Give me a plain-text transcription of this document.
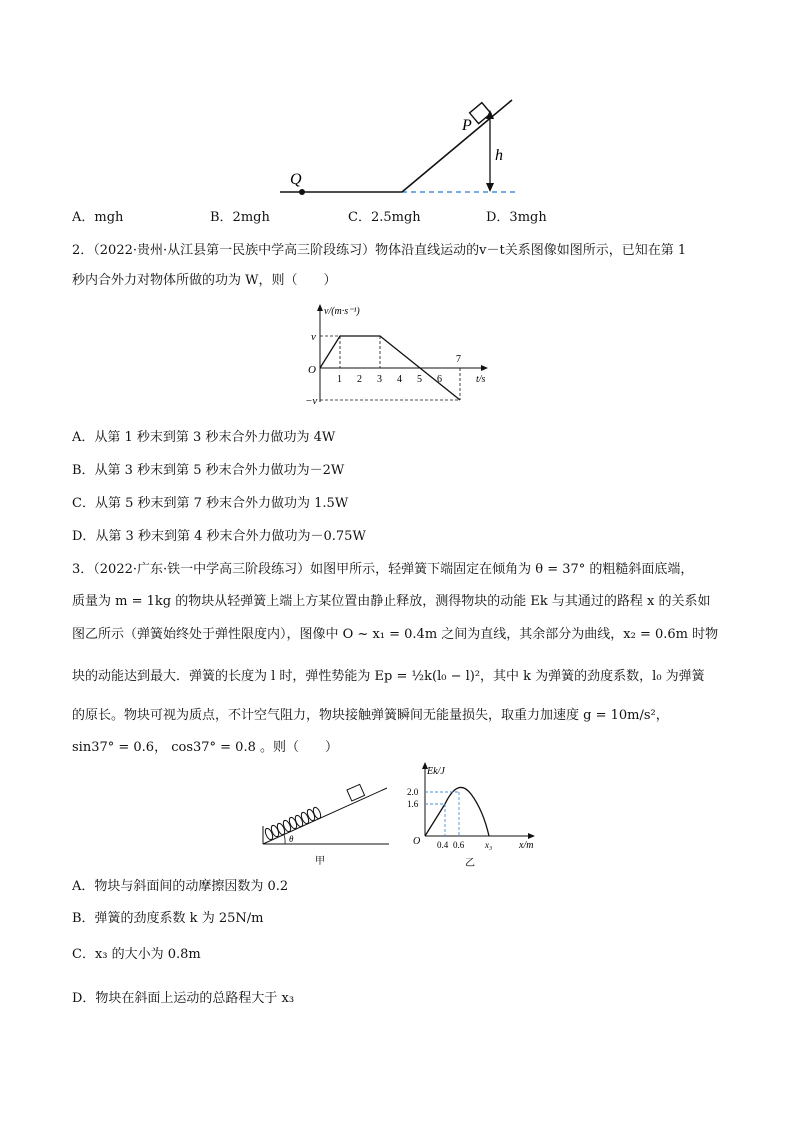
P
Q
h
A．mgh	B．2mgh	C．2.5mgh	D．3mgh
2．（2022·贵州·从江县第一民族中学高三阶段练习）物体沿直线运动的v－t关系图像如图所示，已知在第 1
秒内合外力对物体所做的功为 W，则（　　）
v/(m·s⁻¹)
t/s
O
v
−v
1 2 3 4 5 6
7
A．从第 1 秒末到第 3 秒末合外力做功为 4W
B．从第 3 秒末到第 5 秒末合外力做功为－2W
C．从第 5 秒末到第 7 秒末合外力做功为 1.5W
D．从第 3 秒末到第 4 秒末合外力做功为－0.75W
3．（2022·广东·铁一中学高三阶段练习）如图甲所示，轻弹簧下端固定在倾角为 θ = 37° 的粗糙斜面底端，
质量为 m = 1kg 的物块从轻弹簧上端上方某位置由静止释放，测得物块的动能 Ek 与其通过的路程 x 的关系如
图乙所示（弹簧始终处于弹性限度内），图像中 O ~ x₁ = 0.4m 之间为直线，其余部分为曲线，x₂ = 0.6m 时物
块的动能达到最大．弹簧的长度为 l 时，弹性势能为 Ep = ½k(l₀ − l)²，其中 k 为弹簧的劲度系数，l₀ 为弹簧
的原长。物块可视为质点，不计空气阻力，物块接触弹簧瞬间无能量损失，取重力加速度 g = 10m/s²，
sin37° = 0.6， cos37° = 0.8 。则（　　）
θ
甲
Ek/J
x/m
O
2.0
1.6
0.4 0.6 x₃
乙
A．物块与斜面间的动摩擦因数为 0.2
B．弹簧的劲度系数 k 为 25N/m
C．x₃ 的大小为 0.8m
D．物块在斜面上运动的总路程大于 x₃
